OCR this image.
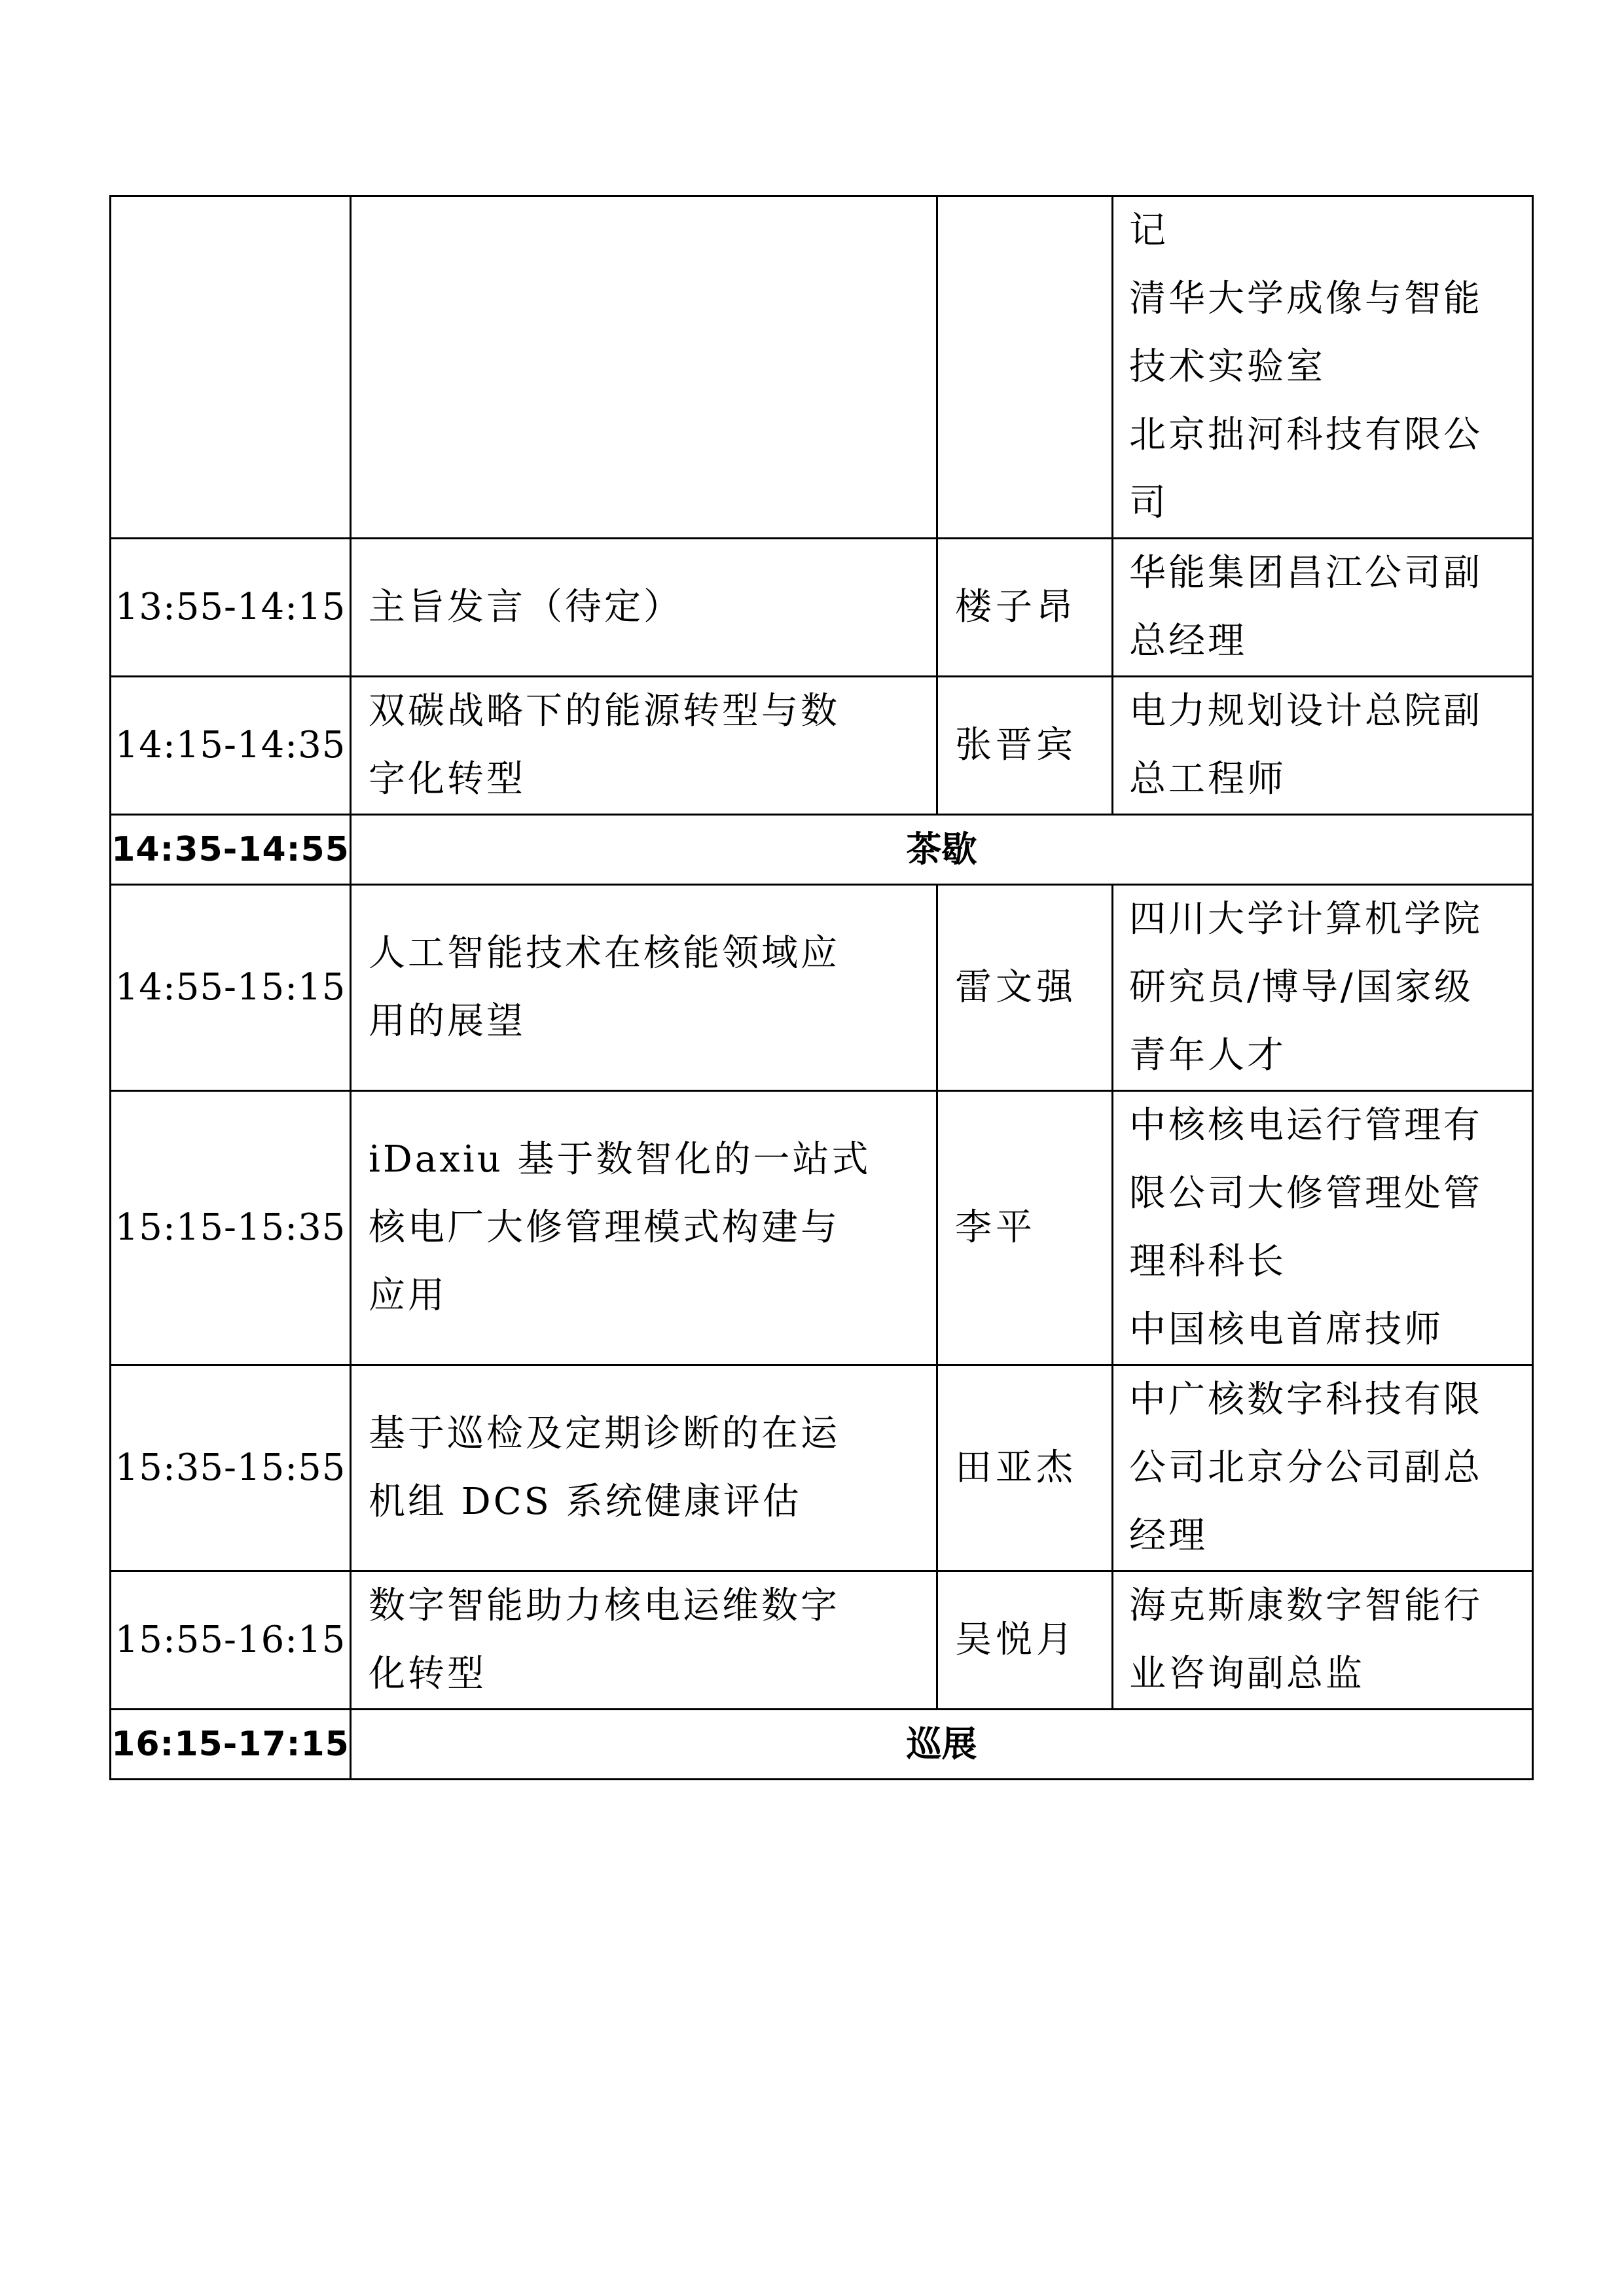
			记
清华大学成像与智能
技术实验室
北京拙河科技有限公
司

13:55-14:15	主旨发言（待定）	楼子昂	华能集团昌江公司副
总经理

14:15-14:35	双碳战略下的能源转型与数
字化转型	张晋宾	电力规划设计总院副
总工程师

14:35-14:55	茶歇		
14:55-15:15	人工智能技术在核能领域应
用的展望	雷文强	四川大学计算机学院
研究员/博导/国家级
青年人才

15:15-15:35	iDaxiu 基于数智化的一站式
核电厂大修管理模式构建与
应用	李平	中核核电运行管理有
限公司大修管理处管
理科科长
中国核电首席技师

15:35-15:55	基于巡检及定期诊断的在运
机组 DCS 系统健康评估	田亚杰	中广核数字科技有限
公司北京分公司副总
经理

15:55-16:15	数字智能助力核电运维数字
化转型	吴悦月	海克斯康数字智能行
业咨询副总监

16:15-17:15	巡展		
